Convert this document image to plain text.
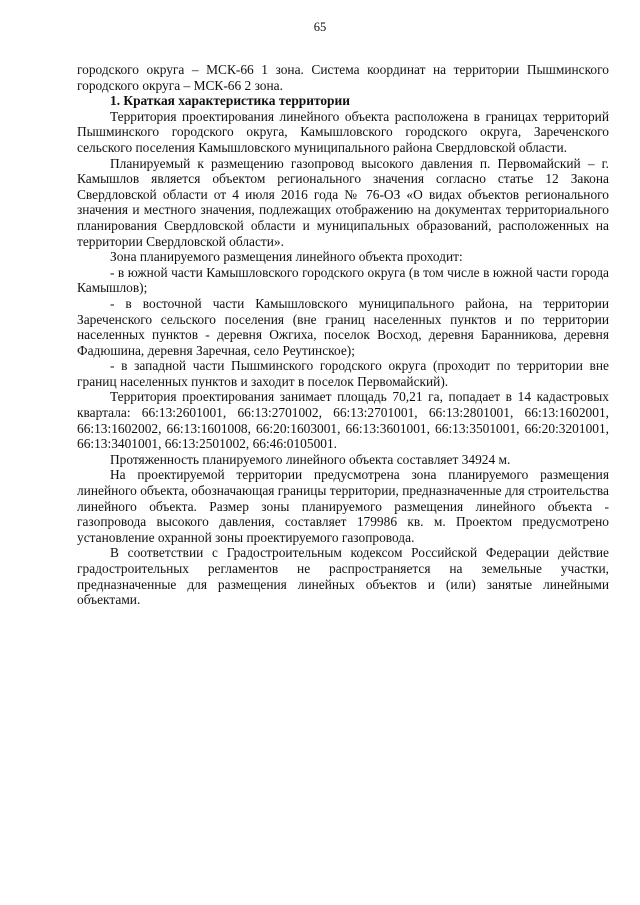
65

городского округа – МСК-66 1 зона. Система координат на территории Пышминского городского округа – МСК-66 2 зона.

1. Краткая характеристика территории

Территория проектирования линейного объекта расположена в границах территорий Пышминского городского округа, Камышловского городского округа, Зареченского сельского поселения Камышловского муниципального района Свердловской области.

Планируемый к размещению газопровод высокого давления п. Первомайский – г. Камышлов является объектом регионального значения согласно статье 12 Закона Свердловской области от 4 июля 2016 года № 76-ОЗ «О видах объектов регионального значения и местного значения, подлежащих отображению на документах территориального планирования Свердловской области и муниципальных образований, расположенных на территории Свердловской области».

Зона планируемого размещения линейного объекта проходит:

- в южной части Камышловского городского округа (в том числе в южной части города Камышлов);

- в восточной части Камышловского муниципального района, на территории Зареченского сельского поселения (вне границ населенных пунктов и по территории населенных пунктов - деревня Ожгиха, поселок Восход, деревня Баранникова, деревня Фадюшина, деревня Заречная, село Реутинское);

- в западной части Пышминского городского округа (проходит по территории вне границ населенных пунктов и заходит в поселок Первомайский).

Территория проектирования занимает площадь 70,21 га, попадает в 14 кадастровых квартала: 66:13:2601001, 66:13:2701002, 66:13:2701001, 66:13:2801001, 66:13:1602001, 66:13:1602002, 66:13:1601008, 66:20:1603001, 66:13:3601001, 66:13:3501001, 66:20:3201001, 66:13:3401001, 66:13:2501002, 66:46:0105001.

Протяженность планируемого линейного объекта составляет 34924 м.

На проектируемой территории предусмотрена зона планируемого размещения линейного объекта, обозначающая границы территории, предназначенные для строительства линейного объекта. Размер зоны планируемого размещения линейного объекта - газопровода высокого давления, составляет 179986 кв. м. Проектом предусмотрено установление охранной зоны проектируемого газопровода.

В соответствии с Градостроительным кодексом Российской Федерации действие градостроительных регламентов не распространяется на земельные участки, предназначенные для размещения линейных объектов и (или) занятые линейными объектами.
